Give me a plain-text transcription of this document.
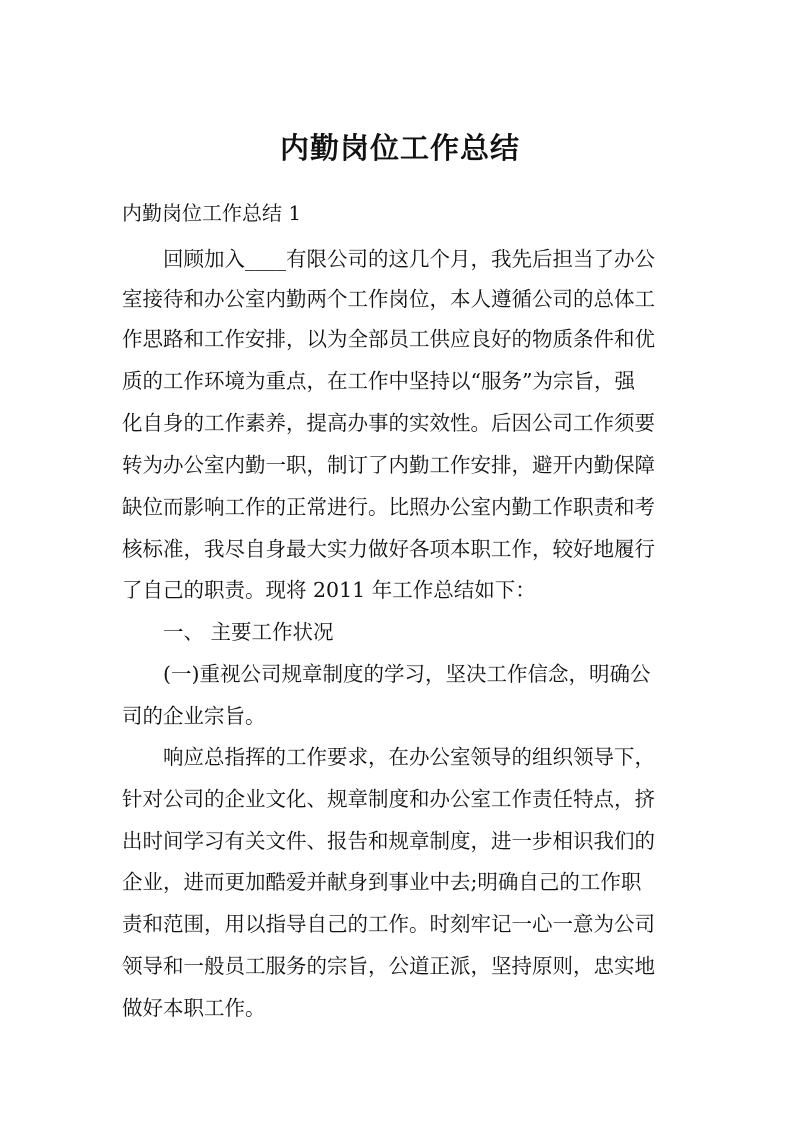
内勤岗位工作总结
内勤岗位工作总结 1
回顾加入____有限公司的这几个月，我先后担当了办公
室接待和办公室内勤两个工作岗位，本人遵循公司的总体工
作思路和工作安排，以为全部员工供应良好的物质条件和优
质的工作环境为重点，在工作中坚持以“服务”为宗旨，强
化自身的工作素养，提高办事的实效性。后因公司工作须要
转为办公室内勤一职，制订了内勤工作安排，避开内勤保障
缺位而影响工作的正常进行。比照办公室内勤工作职责和考
核标准，我尽自身最大实力做好各项本职工作，较好地履行
了自己的职责。现将 2011 年工作总结如下：
一、 主要工作状况
(一)重视公司规章制度的学习，坚决工作信念，明确公
司的企业宗旨。
响应总指挥的工作要求，在办公室领导的组织领导下，
针对公司的企业文化、规章制度和办公室工作责任特点，挤
出时间学习有关文件、报告和规章制度，进一步相识我们的
企业，进而更加酷爱并献身到事业中去;明确自己的工作职
责和范围，用以指导自己的工作。时刻牢记一心一意为公司
领导和一般员工服务的宗旨，公道正派，坚持原则，忠实地
做好本职工作。
